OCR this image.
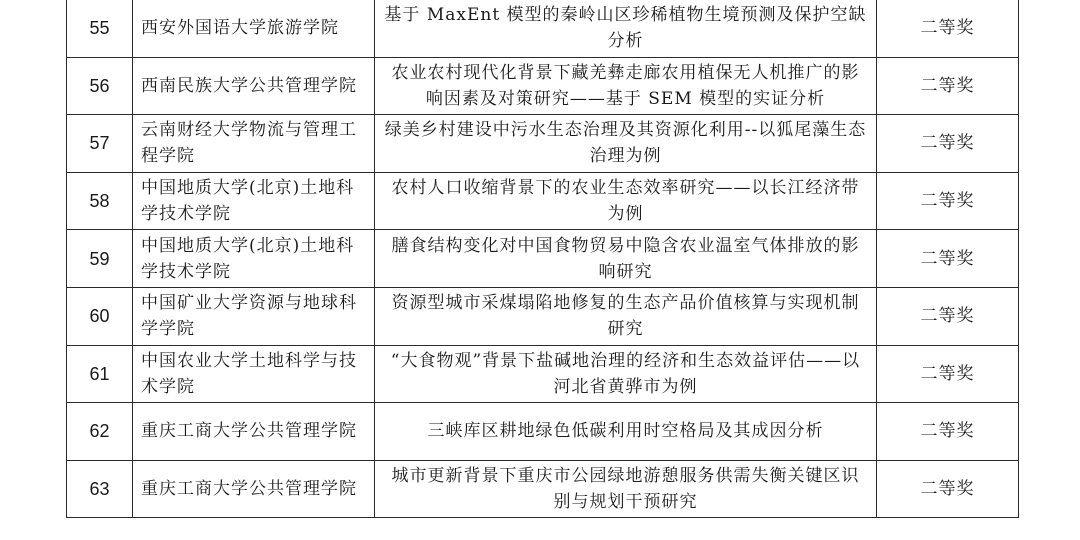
55	西安外国语大学旅游学院	基于 MaxEnt 模型的秦岭山区珍稀植物生境预测及保护空缺分析	二等奖
56	西南民族大学公共管理学院	农业农村现代化背景下藏羌彝走廊农用植保无人机推广的影响因素及对策研究——基于 SEM 模型的实证分析	二等奖
57	云南财经大学物流与管理工程学院	绿美乡村建设中污水生态治理及其资源化利用--以狐尾藻生态治理为例	二等奖
58	中国地质大学(北京)土地科学技术学院	农村人口收缩背景下的农业生态效率研究——以长江经济带为例	二等奖
59	中国地质大学(北京)土地科学技术学院	膳食结构变化对中国食物贸易中隐含农业温室气体排放的影响研究	二等奖
60	中国矿业大学资源与地球科学学院	资源型城市采煤塌陷地修复的生态产品价值核算与实现机制研究	二等奖
61	中国农业大学土地科学与技术学院	“大食物观”背景下盐碱地治理的经济和生态效益评估——以河北省黄骅市为例	二等奖
62	重庆工商大学公共管理学院	三峡库区耕地绿色低碳利用时空格局及其成因分析	二等奖
63	重庆工商大学公共管理学院	城市更新背景下重庆市公园绿地游憩服务供需失衡关键区识别与规划干预研究	二等奖
